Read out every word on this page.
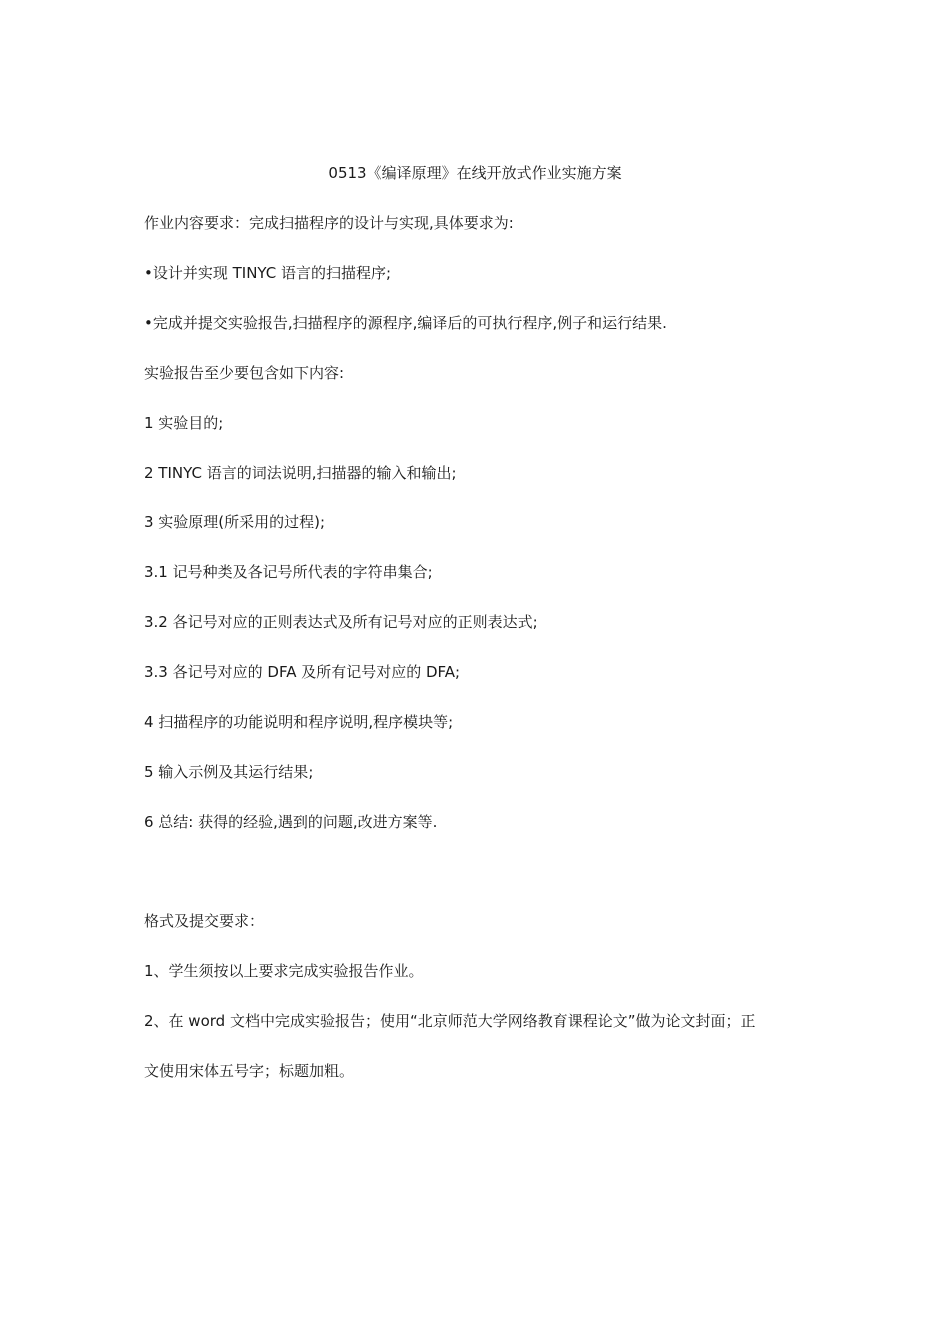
0513《编译原理》在线开放式作业实施方案
作业内容要求：完成扫描程序的设计与实现,具体要求为:
•设计并实现 TINYC 语言的扫描程序;
•完成并提交实验报告,扫描程序的源程序,编译后的可执行程序,例子和运行结果.
实验报告至少要包含如下内容:
1 实验目的;
2 TINYC 语言的词法说明,扫描器的输入和输出;
3 实验原理(所采用的过程);
3.1 记号种类及各记号所代表的字符串集合;
3.2 各记号对应的正则表达式及所有记号对应的正则表达式;
3.3 各记号对应的 DFA 及所有记号对应的 DFA;
4 扫描程序的功能说明和程序说明,程序模块等;
5 输入示例及其运行结果;
6 总结: 获得的经验,遇到的问题,改进方案等.
格式及提交要求：
1、学生须按以上要求完成实验报告作业。
2、在 word 文档中完成实验报告；使用“北京师范大学网络教育课程论文”做为论文封面；正
文使用宋体五号字；标题加粗。
